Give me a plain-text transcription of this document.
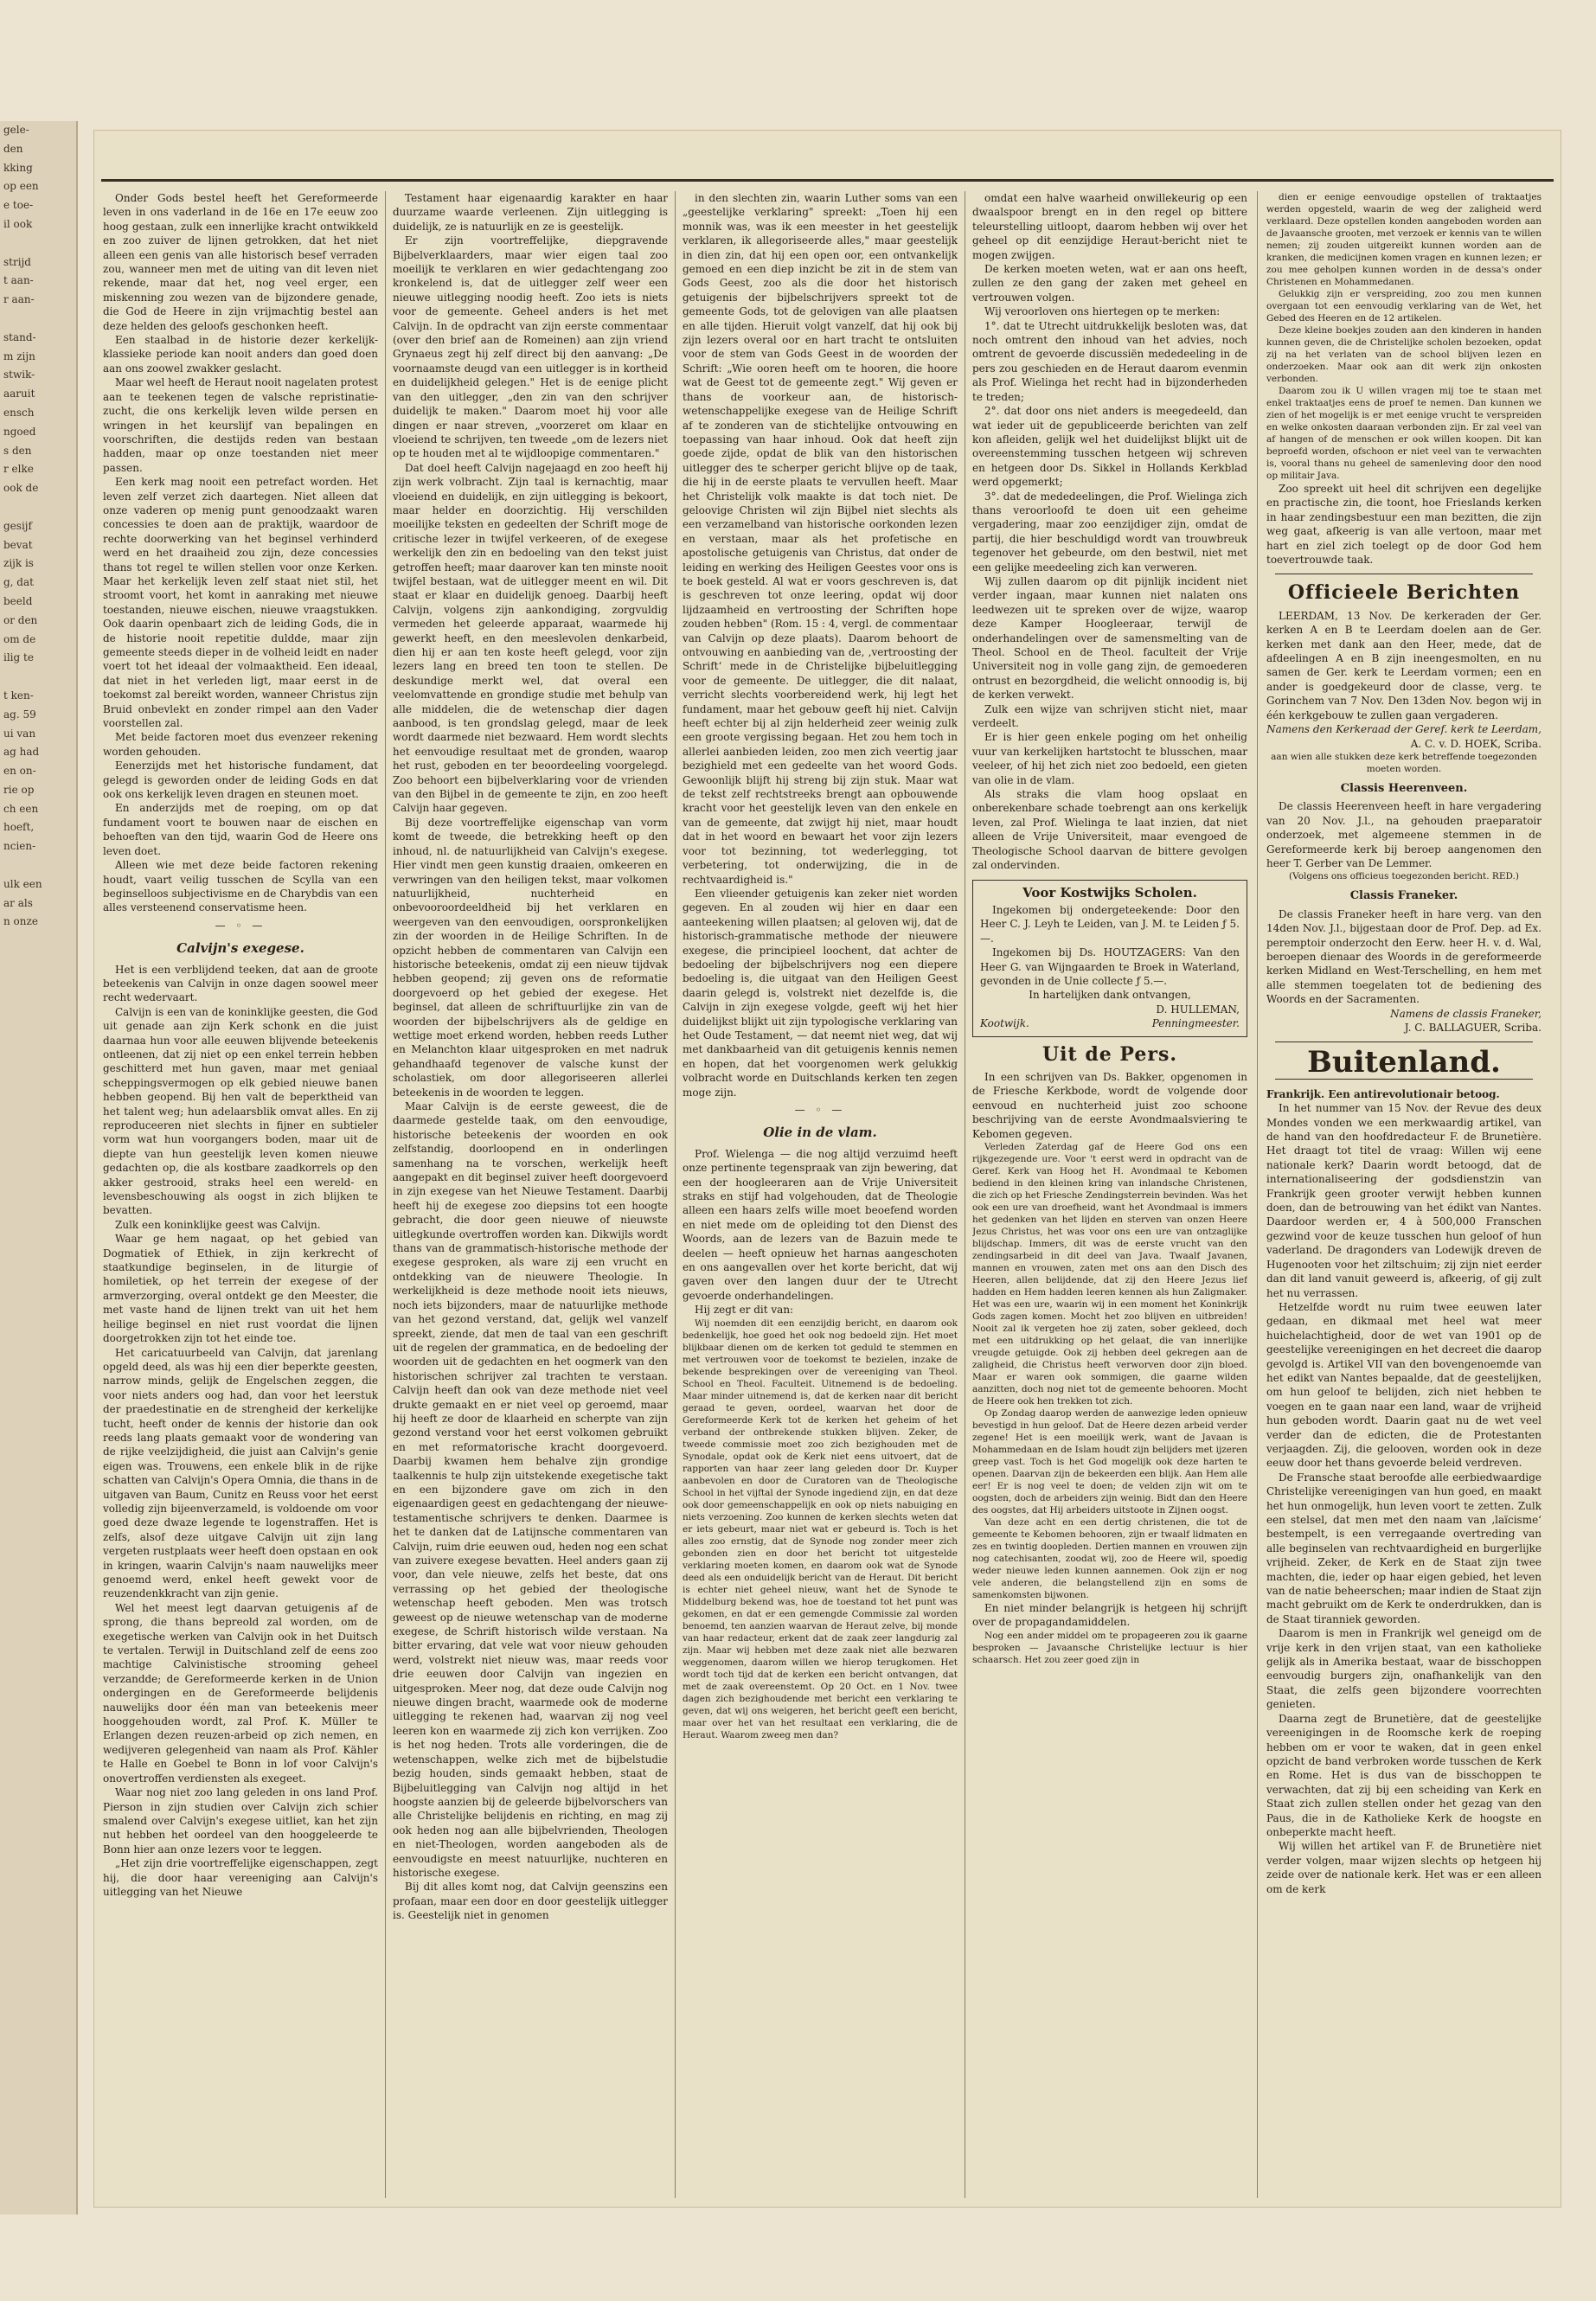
gele-
den
kking
op een
e toe-
il ook

strijd
t aan-
r aan-

stand-
m zijn
stwik-
aaruit
ensch
ngoed
s den
r elke
ook de

gesijf
bevat
zijk is
g, dat
beeld
or den
om de
ilig te

t ken-
ag. 59
ui van
ag had
en on-
rie op
ch een
hoeft,
ncien-

ulk een
ar als
n onze

Onder Gods bestel heeft het Gereformeerde leven in ons vaderland in de 16e en 17e eeuw zoo hoog gestaan, zulk een innerlijke kracht ontwikkeld en zoo zuiver de lijnen getrokken, dat het niet alleen een genis van alle historisch besef verraden zou, wanneer men met de uiting van dit leven niet rekende, maar dat het, nog veel erger, een miskenning zou wezen van de bijzondere genade, die God de Heere in zijn vrijmachtig bestel aan deze helden des geloofs geschonken heeft.

Een staalbad in de historie dezer kerkelijk-klassieke periode kan nooit anders dan goed doen aan ons zoowel zwakker geslacht.

Maar wel heeft de Heraut nooit nagelaten protest aan te teekenen tegen de valsche repristinatie-zucht, die ons kerkelijk leven wilde persen en wringen in het keurslijf van bepalingen en voorschriften, die destijds reden van bestaan hadden, maar op onze toestanden niet meer passen.

Een kerk mag nooit een petrefact worden. Het leven zelf verzet zich daartegen. Niet alleen dat onze vaderen op menig punt genoodzaakt waren concessies te doen aan de praktijk, waardoor de rechte doorwerking van het beginsel verhinderd werd en het draaiheid zou zijn, deze concessies thans tot regel te willen stellen voor onze Kerken. Maar het kerkelijk leven zelf staat niet stil, het stroomt voort, het komt in aanraking met nieuwe toestanden, nieuwe eischen, nieuwe vraagstukken. Ook daarin openbaart zich de leiding Gods, die in de historie nooit repetitie duldde, maar zijn gemeente steeds dieper in de volheid leidt en nader voert tot het ideaal der volmaaktheid. Een ideaal, dat niet in het verleden ligt, maar eerst in de toekomst zal bereikt worden, wanneer Christus zijn Bruid onbevlekt en zonder rimpel aan den Vader voorstellen zal.

Met beide factoren moet dus evenzeer rekening worden gehouden.

Eenerzijds met het historische fundament, dat gelegd is geworden onder de leiding Gods en dat ook ons kerkelijk leven dragen en steunen moet.

En anderzijds met de roeping, om op dat fundament voort te bouwen naar de eischen en behoeften van den tijd, waarin God de Heere ons leven doet.

Alleen wie met deze beide factoren rekening houdt, vaart veilig tusschen de Scylla van een beginselloos subjectivisme en de Charybdis van een alles versteenend conservatisme heen.

— ◦ —
Calvijn's exegese.

Het is een verblijdend teeken, dat aan de groote beteekenis van Calvijn in onze dagen soowel meer recht wedervaart.

Calvijn is een van de koninklijke geesten, die God uit genade aan zijn Kerk schonk en die juist daarnaa hun voor alle eeuwen blijvende beteekenis ontleenen, dat zij niet op een enkel terrein hebben geschitterd met hun gaven, maar met geniaal scheppingsvermogen op elk gebied nieuwe banen hebben geopend. Bij hen valt de beperktheid van het talent weg; hun adelaarsblik omvat alles. En zij reproduceeren niet slechts in fijner en subtieler vorm wat hun voorgangers boden, maar uit de diepte van hun geestelijk leven komen nieuwe gedachten op, die als kostbare zaadkorrels op den akker gestrooid, straks heel een wereld- en levensbeschouwing als oogst in zich blijken te bevatten.

Zulk een koninklijke geest was Calvijn.

Waar ge hem nagaat, op het gebied van Dogmatiek of Ethiek, in zijn kerkrecht of staatkundige beginselen, in de liturgie of homiletiek, op het terrein der exegese of der armverzorging, overal ontdekt ge den Meester, die met vaste hand de lijnen trekt van uit het hem heilige beginsel en niet rust voordat die lijnen doorgetrokken zijn tot het einde toe.

Het caricatuurbeeld van Calvijn, dat jarenlang opgeld deed, als was hij een dier beperkte geesten, narrow minds, gelijk de Engelschen zeggen, die voor niets anders oog had, dan voor het leerstuk der praedestinatie en de strengheid der kerkelijke tucht, heeft onder de kennis der historie dan ook reeds lang plaats gemaakt voor de wondering van de rijke veelzijdigheid, die juist aan Calvijn's genie eigen was. Trouwens, een enkele blik in de rijke schatten van Calvijn's Opera Omnia, die thans in de uitgaven van Baum, Cunitz en Reuss voor het eerst volledig zijn bijeenverzameld, is voldoende om voor goed deze dwaze legende te logenstraffen. Het is zelfs, alsof deze uitgave Calvijn uit zijn lang vergeten rustplaats weer heeft doen opstaan en ook in kringen, waarin Calvijn's naam nauwelijks meer genoemd werd, enkel heeft gewekt voor de reuzendenkkracht van zijn genie.

Wel het meest legt daarvan getuigenis af de sprong, die thans bepreold zal worden, om de exegetische werken van Calvijn ook in het Duitsch te vertalen. Terwijl in Duitschland zelf de eens zoo machtige Calvinistische strooming geheel verzandde; de Gereformeerde kerken in de Union ondergingen en de Gereformeerde belijdenis nauwelijks door één man van beteekenis meer hooggehouden wordt, zal Prof. K. Müller te Erlangen dezen reuzen-arbeid op zich nemen, en wedijveren gelegenheid van naam als Prof. Kähler te Halle en Goebel te Bonn in lof voor Calvijn's onovertroffen verdiensten als exegeet.

Waar nog niet zoo lang geleden in ons land Prof. Pierson in zijn studien over Calvijn zich schier smalend over Calvijn's exegese uitliet, kan het zijn nut hebben het oordeel van den hooggeleerde te Bonn hier aan onze lezers voor te leggen.

„Het zijn drie voortreffelijke eigenschappen, zegt hij, die door haar vereeniging aan Calvijn's uitlegging van het Nieuwe

Testament haar eigenaardig karakter en haar duurzame waarde verleenen. Zijn uitlegging is duidelijk, ze is natuurlijk en ze is geestelijk.

Er zijn voortreffelijke, diepgravende Bijbelverklaarders, maar wier eigen taal zoo moeilijk te verklaren en wier gedachtengang zoo kronkelend is, dat de uitlegger zelf weer een nieuwe uitlegging noodig heeft. Zoo iets is niets voor de gemeente. Geheel anders is het met Calvijn. In de opdracht van zijn eerste commentaar (over den brief aan de Romeinen) aan zijn vriend Grynaeus zegt hij zelf direct bij den aanvang: „De voornaamste deugd van een uitlegger is in kortheid en duidelijkheid gelegen." Het is de eenige plicht van den uitlegger, „den zin van den schrijver duidelijk te maken." Daarom moet hij voor alle dingen er naar streven, „voorzeret om klaar en vloeiend te schrijven, ten tweede „om de lezers niet op te houden met al te wijdloopige commentaren."

Dat doel heeft Calvijn nagejaagd en zoo heeft hij zijn werk volbracht. Zijn taal is kernachtig, maar vloeiend en duidelijk, en zijn uitlegging is bekoort, maar helder en doorzichtig. Hij verschilden moeilijke teksten en gedeelten der Schrift moge de critische lezer in twijfel verkeeren, of de exegese werkelijk den zin en bedoeling van den tekst juist getroffen heeft; maar daarover kan ten minste nooit twijfel bestaan, wat de uitlegger meent en wil. Dit staat er klaar en duidelijk genoeg. Daarbij heeft Calvijn, volgens zijn aankondiging, zorgvuldig vermeden het geleerde apparaat, waarmede hij gewerkt heeft, en den meeslevolen denkarbeid, dien hij er aan ten koste heeft gelegd, voor zijn lezers lang en breed ten toon te stellen. De deskundige merkt wel, dat overal een veelomvattende en grondige studie met behulp van alle middelen, die de wetenschap dier dagen aanbood, is ten grondslag gelegd, maar de leek wordt daarmede niet bezwaard. Hem wordt slechts het eenvoudige resultaat met de gronden, waarop het rust, geboden en ter beoordeeling voorgelegd. Zoo behoort een bijbelverklaring voor de vrienden van den Bijbel in de gemeente te zijn, en zoo heeft Calvijn haar gegeven.

Bij deze voortreffelijke eigenschap van vorm komt de tweede, die betrekking heeft op den inhoud, nl. de natuurlijkheid van Calvijn's exegese. Hier vindt men geen kunstig draaien, omkeeren en verwringen van den heiligen tekst, maar volkomen natuurlijkheid, nuchterheid en onbevooroordeeldheid bij het verklaren en weergeven van den eenvoudigen, oorspronkelijken zin der woorden in de Heilige Schriften. In de opzicht hebben de commentaren van Calvijn een historische beteekenis, omdat zij een nieuw tijdvak hebben geopend; zij geven ons de reformatie doorgevoerd op het gebied der exegese. Het beginsel, dat alleen de schriftuurlijke zin van de woorden der bijbelschrijvers als de geldige en wettige moet erkend worden, hebben reeds Luther en Melanchton klaar uitgesproken en met nadruk gehandhaafd tegenover de valsche kunst der scholastiek, om door allegoriseeren allerlei beteekenis in de woorden te leggen.

Maar Calvijn is de eerste geweest, die de daarmede gestelde taak, om den eenvoudige, historische beteekenis der woorden en ook zelfstandig, doorloopend en in onderlingen samenhang na te vorschen, werkelijk heeft aangepakt en dit beginsel zuiver heeft doorgevoerd in zijn exegese van het Nieuwe Testament. Daarbij heeft hij de exegese zoo diepsins tot een hoogte gebracht, die door geen nieuwe of nieuwste uitlegkunde overtroffen worden kan. Dikwijls wordt thans van de grammatisch-historische methode der exegese gesproken, als ware zij een vrucht en ontdekking van de nieuwere Theologie. In werkelijkheid is deze methode nooit iets nieuws, noch iets bijzonders, maar de natuurlijke methode van het gezond verstand, dat, gelijk wel vanzelf spreekt, ziende, dat men de taal van een geschrift uit de regelen der grammatica, en de bedoeling der woorden uit de gedachten en het oogmerk van den historischen schrijver zal trachten te verstaan. Calvijn heeft dan ook van deze methode niet veel drukte gemaakt en er niet veel op geroemd, maar hij heeft ze door de klaarheid en scherpte van zijn gezond verstand voor het eerst volkomen gebruikt en met reformatorische kracht doorgevoerd. Daarbij kwamen hem behalve zijn grondige taalkennis te hulp zijn uitstekende exegetische takt en een bijzondere gave om zich in den eigenaardigen geest en gedachtengang der nieuwe-testamentische schrijvers te denken. Daarmee is het te danken dat de Latijnsche commentaren van Calvijn, ruim drie eeuwen oud, heden nog een schat van zuivere exegese bevatten. Heel anders gaan zij voor, dan vele nieuwe, zelfs het beste, dat ons verrassing op het gebied der theologische wetenschap heeft geboden. Men was trotsch geweest op de nieuwe wetenschap van de moderne exegese, de Schrift historisch wilde verstaan. Na bitter ervaring, dat vele wat voor nieuw gehouden werd, volstrekt niet nieuw was, maar reeds voor drie eeuwen door Calvijn van ingezien en uitgesproken. Meer nog, dat deze oude Calvijn nog nieuwe dingen bracht, waarmede ook de moderne uitlegging te rekenen had, waarvan zij nog veel leeren kon en waarmede zij zich kon verrijken. Zoo is het nog heden. Trots alle vorderingen, die de wetenschappen, welke zich met de bijbelstudie bezig houden, sinds gemaakt hebben, staat de Bijbeluitlegging van Calvijn nog altijd in het hoogste aanzien bij de geleerde bijbelvorschers van alle Christelijke belijdenis en richting, en mag zij ook heden nog aan alle bijbelvrienden, Theologen en niet-Theologen, worden aangeboden als de eenvoudigste en meest natuurlijke, nuchteren en historische exegese.

Bij dit alles komt nog, dat Calvijn geenszins een profaan, maar een door en door geestelijk uitlegger is. Geestelijk niet in genomen

in den slechten zin, waarin Luther soms van een „geestelijke verklaring" spreekt: „Toen hij een monnik was, was ik een meester in het geestelijk verklaren, ik allegoriseerde alles," maar geestelijk in dien zin, dat hij een open oor, een ontvankelijk gemoed en een diep inzicht be zit in de stem van Gods Geest, zoo als die door het historisch getuigenis der bijbelschrijvers spreekt tot de gemeente Gods, tot de gelovigen van alle plaatsen en alle tijden. Hieruit volgt vanzelf, dat hij ook bij zijn lezers overal oor en hart tracht te ontsluiten voor de stem van Gods Geest in de woorden der Schrift: „Wie ooren heeft om te hooren, die hoore wat de Geest tot de gemeente zegt." Wij geven er thans de voorkeur aan, de historisch-wetenschappelijke exegese van de Heilige Schrift af te zonderen van de stichtelijke ontvouwing en toepassing van haar inhoud. Ook dat heeft zijn goede zijde, opdat de blik van den historischen uitlegger des te scherper gericht blijve op de taak, die hij in de eerste plaats te vervullen heeft. Maar het Christelijk volk maakte is dat toch niet. De geloovige Christen wil zijn Bijbel niet slechts als een verzamelband van historische oorkonden lezen en verstaan, maar als het profetische en apostolische getuigenis van Christus, dat onder de leiding en werking des Heiligen Geestes voor ons is te boek gesteld. Al wat er voors geschreven is, dat is geschreven tot onze leering, opdat wij door lijdzaamheid en vertroosting der Schriften hope zouden hebben" (Rom. 15 : 4, vergl. de commentaar van Calvijn op deze plaats). Daarom behoort de ontvouwing en aanbieding van de, ‚vertroosting der Schrift‘ mede in de Christelijke bijbeluitlegging voor de gemeente. De uitlegger, die dit nalaat, verricht slechts voorbereidend werk, hij legt het fundament, maar het gebouw geeft hij niet. Calvijn heeft echter bij al zijn helderheid zeer weinig zulk een groote vergissing begaan. Het zou hem toch in allerlei aanbieden leiden, zoo men zich veertig jaar bezighield met een gedeelte van het woord Gods. Gewoonlijk blijft hij streng bij zijn stuk. Maar wat de tekst zelf rechtstreeks brengt aan opbouwende kracht voor het geestelijk leven van den enkele en van de gemeente, dat zwijgt hij niet, maar houdt dat in het woord en bewaart het voor zijn lezers voor tot bezinning, tot wederlegging, tot verbetering, tot onderwijzing, die in de rechtvaardigheid is."

Een vlieender getuigenis kan zeker niet worden gegeven. En al zouden wij hier en daar een aanteekening willen plaatsen; al geloven wij, dat de historisch-grammatische methode der nieuwere exegese, die principieel loochent, dat achter de bedoeling der bijbelschrijvers nog een diepere bedoeling is, die uitgaat van den Heiligen Geest daarin gelegd is, volstrekt niet dezelfde is, die Calvijn in zijn exegese volgde, geeft wij het hier duidelijkst blijkt uit zijn typologische verklaring van het Oude Testament, — dat neemt niet weg, dat wij met dankbaarheid van dit getuigenis kennis nemen en hopen, dat het voorgenomen werk gelukkig volbracht worde en Duitschlands kerken ten zegen moge zijn.

— ◦ —
Olie in de vlam.

Prof. Wielenga — die nog altijd verzuimd heeft onze pertinente tegenspraak van zijn bewering, dat een der hoogleeraren aan de Vrije Universiteit straks en stijf had volgehouden, dat de Theologie alleen een haars zelfs wille moet beoefend worden en niet mede om de opleiding tot den Dienst des Woords, aan de lezers van de Bazuin mede te deelen — heeft opnieuw het harnas aangeschoten en ons aangevallen over het korte bericht, dat wij gaven over den langen duur der te Utrecht gevoerde onderhandelingen.

Hij zegt er dit van:

Wij noemden dit een eenzijdig bericht, en daarom ook bedenkelijk, hoe goed het ook nog bedoeld zijn. Het moet blijkbaar dienen om de kerken tot geduld te stemmen en met vertrouwen voor de toekomst te bezielen, inzake de bekende besprekingen over de vereeniging van Theol. School en Theol. Faculteit. Uitnemend is de bedoeling. Maar minder uitnemend is, dat de kerken naar dit bericht geraad te geven, oordeel, waarvan het door de Gereformeerde Kerk tot de kerken het geheim of het verband der ontbrekende stukken blijven. Zeker, de tweede commissie moet zoo zich bezighouden met de Synodale, opdat ook de Kerk niet eens uitvoert, dat de rapporten van haar zeer lang geleden door Dr. Kuyper aanbevolen en door de Curatoren van de Theologische School in het vijftal der Synode ingediend zijn, en dat deze ook door gemeenschappelijk en ook op niets nabuiging en niets verzoening. Zoo kunnen de kerken slechts weten dat er iets gebeurt, maar niet wat er gebeurd is. Toch is het alles zoo ernstig, dat de Synode nog zonder meer zich gebonden zien en door het bericht tot uitgestelde verklaring moeten komen, en daarom ook wat de Synode deed als een onduidelijk bericht van de Heraut. Dit bericht is echter niet geheel nieuw, want het de Synode te Middelburg bekend was, hoe de toestand tot het punt was gekomen, en dat er een gemengde Commissie zal worden benoemd, ten aanzien waarvan de Heraut zelve, bij monde van haar redacteur, erkent dat de zaak zeer langdurig zal zijn. Maar wij hebben met deze zaak niet alle bezwaren weggenomen, daarom willen we hierop terugkomen. Het wordt toch tijd dat de kerken een bericht ontvangen, dat met de zaak overeenstemt. Op 20 Oct. en 1 Nov. twee dagen zich bezighoudende met bericht een verklaring te geven, dat wij ons weigeren, het bericht geeft een bericht, maar over het van het resultaat een verklaring, die de Heraut. Waarom zweeg men dan?

omdat een halve waarheid onwillekeurig op een dwaalspoor brengt en in den regel op bittere teleurstelling uitloopt, daarom hebben wij over het geheel op dit eenzijdige Heraut-bericht niet te mogen zwijgen.

De kerken moeten weten, wat er aan ons heeft, zullen ze den gang der zaken met geheel en vertrouwen volgen.

Wij veroorloven ons hiertegen op te merken:

1°. dat te Utrecht uitdrukkelijk besloten was, dat noch omtrent den inhoud van het advies, noch omtrent de gevoerde discussiën mededeeling in de pers zou geschieden en de Heraut daarom evenmin als Prof. Wielinga het recht had in bijzonderheden te treden;

2°. dat door ons niet anders is meegedeeld, dan wat ieder uit de gepubliceerde berichten van zelf kon afleiden, gelijk wel het duidelijkst blijkt uit de overeenstemming tusschen hetgeen wij schreven en hetgeen door Ds. Sikkel in Hollands Kerkblad werd opgemerkt;

3°. dat de mededeelingen, die Prof. Wielinga zich thans veroorloofd te doen uit een geheime vergadering, maar zoo eenzijdiger zijn, omdat de partij, die hier beschuldigd wordt van trouwbreuk tegenover het gebeurde, om den bestwil, niet met een gelijke meedeeling zich kan verweren.

Wij zullen daarom op dit pijnlijk incident niet verder ingaan, maar kunnen niet nalaten ons leedwezen uit te spreken over de wijze, waarop deze Kamper Hoogleeraar, terwijl de onderhandelingen over de samensmelting van de Theol. School en de Theol. faculteit der Vrije Universiteit nog in volle gang zijn, de gemoederen ontrust en bezorgdheid, die welicht onnoodig is, bij de kerken verwekt.

Zulk een wijze van schrijven sticht niet, maar verdeelt.

Er is hier geen enkele poging om het onheilig vuur van kerkelijken hartstocht te blusschen, maar veeleer, of hij het zich niet zoo bedoeld, een gieten van olie in de vlam.

Als straks die vlam hoog opslaat en onberekenbare schade toebrengt aan ons kerkelijk leven, zal Prof. Wielinga te laat inzien, dat niet alleen de Vrije Universiteit, maar evengoed de Theologische School daarvan de bittere gevolgen zal ondervinden.

Voor Kostwijks Scholen.

Ingekomen bij ondergeteekende: Door den Heer C. J. Leyh te Leiden, van J. M. te Leiden ƒ 5.—.

Ingekomen bij Ds. HOUTZAGERS: Van den Heer G. van Wijngaarden te Broek in Waterland, gevonden in de Unie collecte ƒ 5.—.

In hartelijken dank ontvangen,

D. HULLEMAN,

Kootwijk.	Penningmeester.

Uit de Pers.

In een schrijven van Ds. Bakker, opgenomen in de Friesche Kerkbode, wordt de volgende door eenvoud en nuchterheid juist zoo schoone beschrijving van de eerste Avondmaalsviering te Kebomen gegeven.

Verleden Zaterdag gaf de Heere God ons een rijkgezegende ure. Voor 't eerst werd in opdracht van de Geref. Kerk van Hoog het H. Avondmaal te Kebomen bediend in den kleinen kring van inlandsche Christenen, die zich op het Friesche Zendingsterrein bevinden. Was het ook een ure van droefheid, want het Avondmaal is immers het gedenken van het lijden en sterven van onzen Heere Jezus Christus, het was voor ons een ure van ontzaglijke blijdschap. Immers, dit was de eerste vrucht van den zendingsarbeid in dit deel van Java. Twaalf Javanen, mannen en vrouwen, zaten met ons aan den Disch des Heeren, allen belijdende, dat zij den Heere Jezus lief hadden en Hem hadden leeren kennen als hun Zaligmaker. Het was een ure, waarin wij in een moment het Koninkrijk Gods zagen komen. Mocht het zoo blijven en uitbreiden! Nooit zal ik vergeten hoe zij zaten, sober gekleed, doch met een uitdrukking op het gelaat, die van innerlijke vreugde getuigde. Ook zij hebben deel gekregen aan de zaligheid, die Christus heeft verworven door zijn bloed. Maar er waren ook sommigen, die gaarne wilden aanzitten, doch nog niet tot de gemeente behooren. Mocht de Heere ook hen trekken tot zich.

Op Zondag daarop werden de aanwezige leden opnieuw bevestigd in hun geloof. Dat de Heere dezen arbeid verder zegene! Het is een moeilijk werk, want de Javaan is Mohammedaan en de Islam houdt zijn belijders met ijzeren greep vast. Toch is het God mogelijk ook deze harten te openen. Daarvan zijn de bekeerden een blijk. Aan Hem alle eer! Er is nog veel te doen; de velden zijn wit om te oogsten, doch de arbeiders zijn weinig. Bidt dan den Heere des oogstes, dat Hij arbeiders uitstoote in Zijnen oogst.

Van deze acht en een dertig christenen, die tot de gemeente te Kebomen behooren, zijn er twaalf lidmaten en zes en twintig doopleden. Dertien mannen en vrouwen zijn nog catechisanten, zoodat wij, zoo de Heere wil, spoedig weder nieuwe leden kunnen aannemen. Ook zijn er nog vele anderen, die belangstellend zijn en soms de samenkomsten bijwonen.

En niet minder belangrijk is hetgeen hij schrijft over de propagandamiddelen.

Nog een ander middel om te propageeren zou ik gaarne besproken — Javaansche Christelijke lectuur is hier schaarsch. Het zou zeer goed zijn in

dien er eenige eenvoudige opstellen of traktaatjes werden opgesteld, waarin de weg der zaligheid werd verklaard. Deze opstellen konden aangeboden worden aan de Javaansche grooten, met verzoek er kennis van te willen nemen; zij zouden uitgereikt kunnen worden aan de kranken, die medicijnen komen vragen en kunnen lezen; er zou mee geholpen kunnen worden in de dessa's onder Christenen en Mohammedanen.

Gelukkig zijn er verspreiding, zoo zou men kunnen overgaan tot een eenvoudig verklaring van de Wet, het Gebed des Heeren en de 12 artikelen.

Deze kleine boekjes zouden aan den kinderen in handen kunnen geven, die de Christelijke scholen bezoeken, opdat zij na het verlaten van de school blijven lezen en onderzoeken. Maar ook aan dit werk zijn onkosten verbonden.

Daarom zou ik U willen vragen mij toe te staan met enkel traktaatjes eens de proef te nemen. Dan kunnen we zien of het mogelijk is er met eenige vrucht te verspreiden en welke onkosten daaraan verbonden zijn. Er zal veel van af hangen of de menschen er ook willen koopen. Dit kan beproefd worden, ofschoon er niet veel van te verwachten is, vooral thans nu geheel de samenleving door den nood op militair Java.

Zoo spreekt uit heel dit schrijven een degelijke en practische zin, die toont, hoe Frieslands kerken in haar zendingsbestuur een man bezitten, die zijn weg gaat, afkeerig is van alle vertoon, maar met hart en ziel zich toelegt op de door God hem toevertrouwde taak.

Officieele Berichten

LEERDAM, 13 Nov. De kerkeraden der Ger. kerken A en B te Leerdam doelen aan de Ger. kerken met dank aan den Heer, mede, dat de afdeelingen A en B zijn ineengesmolten, en nu samen de Ger. kerk te Leerdam vormen; een en ander is goedgekeurd door de classe, verg. te Gorinchem van 7 Nov. Den 13den Nov. begon wij in één kerkgebouw te zullen gaan vergaderen.

Namens den Kerkeraad der Geref. kerk te Leerdam,

A. C. v. D. HOEK, Scriba.

aan wien alle stukken deze kerk betreffende toegezonden moeten worden.

Classis Heerenveen.

De classis Heerenveen heeft in hare vergadering van 20 Nov. J.l., na gehouden praeparatoir onderzoek, met algemeene stemmen in de Gereformeerde kerk bij beroep aangenomen den heer T. Gerber van De Lemmer.

(Volgens ons officieus toegezonden bericht. RED.)

Classis Franeker.

De classis Franeker heeft in hare verg. van den 14den Nov. J.l., bijgestaan door de Prof. Dep. ad Ex. peremptoir onderzocht den Eerw. heer H. v. d. Wal, beroepen dienaar des Woords in de gereformeerde kerken Midland en West-Terschelling, en hem met alle stemmen toegelaten tot de bediening des Woords en der Sacramenten.

Namens de classis Franeker,

J. C. BALLAGUER, Scriba.

Buitenland.

Frankrijk. Een antirevolutionair betoog.

In het nummer van 15 Nov. der Revue des deux Mondes vonden we een merkwaardig artikel, van de hand van den hoofdredacteur F. de Brunetière. Het draagt tot titel de vraag: Willen wij eene nationale kerk? Daarin wordt betoogd, dat de internationaliseering der godsdienstzin van Frankrijk geen grooter verwijt hebben kunnen doen, dan de betrouwing van het édikt van Nantes. Daardoor werden er, 4 à 500,000 Franschen gezwind voor de keuze tusschen hun geloof of hun vaderland. De dragonders van Lodewijk dreven de Hugenooten voor het ziltschuim; zij zijn niet eerder dan dit land vanuit geweerd is, afkeerig, of gij zult het nu verrassen.

Hetzelfde wordt nu ruim twee eeuwen later gedaan, en dikmaal met heel wat meer huichelachtigheid, door de wet van 1901 op de geestelijke vereenigingen en het decreet die daarop gevolgd is. Artikel VII van den bovengenoemde van het edikt van Nantes bepaalde, dat de geestelijken, om hun geloof te belijden, zich niet hebben te voegen en te gaan naar een land, waar de vrijheid hun geboden wordt. Daarin gaat nu de wet veel verder dan de edicten, die de Protestanten verjaagden. Zij, die gelooven, worden ook in deze eeuw door het thans gevoerde beleid verdreven.

De Fransche staat beroofde alle eerbiedwaardige Christelijke vereenigingen van hun goed, en maakt het hun onmogelijk, hun leven voort te zetten. Zulk een stelsel, dat men met den naam van ‚laïcisme‘ bestempelt, is een verregaande overtreding van alle beginselen van rechtvaardigheid en burgerlijke vrijheid. Zeker, de Kerk en de Staat zijn twee machten, die, ieder op haar eigen gebied, het leven van de natie beheerschen; maar indien de Staat zijn macht gebruikt om de Kerk te onderdrukken, dan is de Staat tiranniek geworden.

Daarom is men in Frankrijk wel geneigd om de vrije kerk in den vrijen staat, van een katholieke gelijk als in Amerika bestaat, waar de bisschoppen eenvoudig burgers zijn, onafhankelijk van den Staat, die zelfs geen bijzondere voorrechten genieten.

Daarna zegt de Brunetière, dat de geestelijke vereenigingen in de Roomsche kerk de roeping hebben om er voor te waken, dat in geen enkel opzicht de band verbroken worde tusschen de Kerk en Rome. Het is dus van de bisschoppen te verwachten, dat zij bij een scheiding van Kerk en Staat zich zullen stellen onder het gezag van den Paus, die in de Katholieke Kerk de hoogste en onbeperkte macht heeft.

Wij willen het artikel van F. de Brunetière niet verder volgen, maar wijzen slechts op hetgeen hij zeide over de nationale kerk. Het was er een alleen om de kerk
